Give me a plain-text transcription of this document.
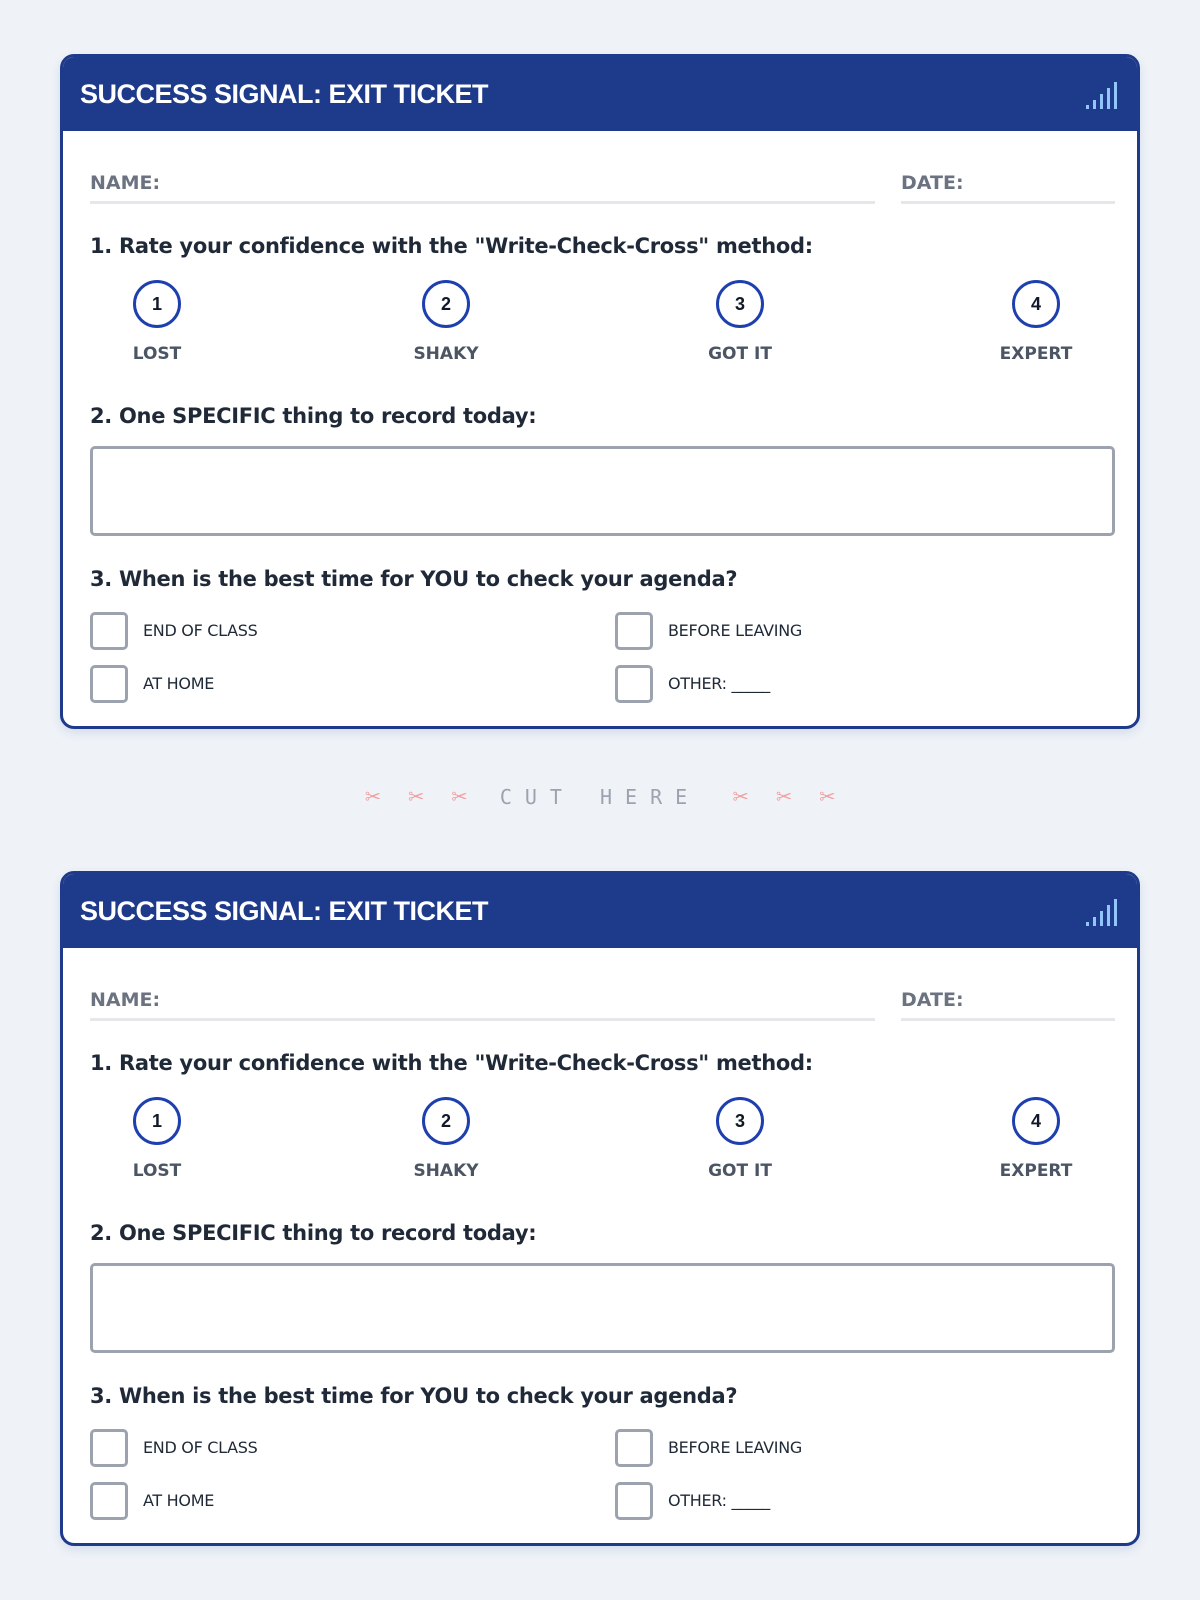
SUCCESS SIGNAL: EXIT TICKET
NAME:	DATE:
1. Rate your confidence with the "Write-Check-Cross" method:
1
LOST
2
SHAKY
3
GOT IT
4
EXPERT
2. One SPECIFIC thing to record today:
3. When is the best time for YOU to check your agenda?
END OF CLASS	BEFORE LEAVING
AT HOME	OTHER: _____
✂ ✂ ✂ CUT HERE ✂ ✂ ✂
SUCCESS SIGNAL: EXIT TICKET
NAME:	DATE:
1. Rate your confidence with the "Write-Check-Cross" method:
1
LOST
2
SHAKY
3
GOT IT
4
EXPERT
2. One SPECIFIC thing to record today:
3. When is the best time for YOU to check your agenda?
END OF CLASS	BEFORE LEAVING
AT HOME	OTHER: _____
